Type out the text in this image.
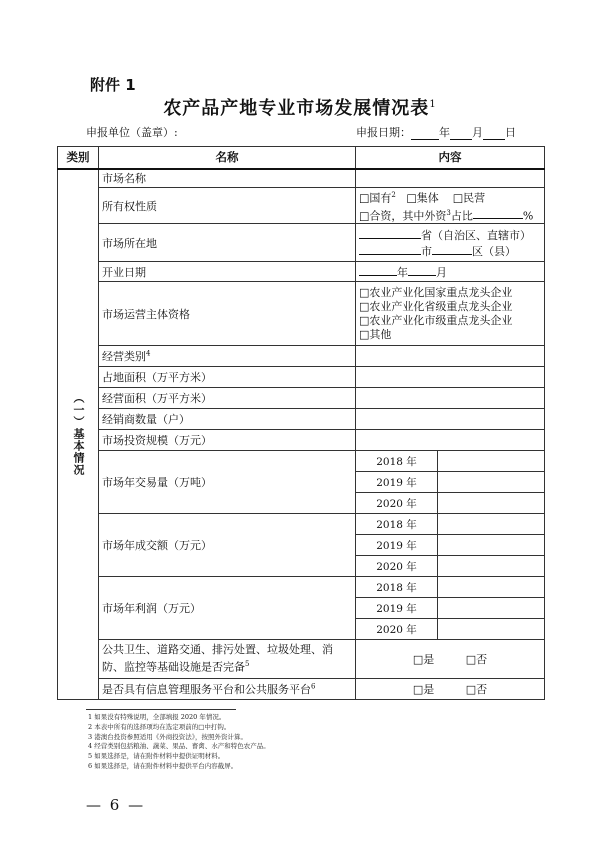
附件 1
农产品产地专业市场发展情况表$^1$
申报单位（盖章）:	申报日期：	年 月 日
类别	名称	内容	

（一）基本情况	市场名称		
	所有权性质	□国有$^2$ □集体 □民营
□合资，其中外资$^3$占比 %	

	市场所在地	省（自治区、直辖市）
市 区（县）	

	开业日期	年 月	
	市场运营主体资格	□农业产业化国家重点龙头企业
□农业产业化省级重点龙头企业
□农业产业化市级重点龙头企业
□其他	

	经营类别$^4$	
	占地面积（万平方米）		
	经营面积（万平方米）		
	经销商数量（户）		
	市场投资规模（万元）		
	市场年交易量（万吨）	2018 年	
		2019 年	
		2020 年	
	市场年成交额（万元）	2018 年	
		2019 年	
		2020 年	
	市场年利润（万元）	2018 年	
		2019 年	
		2020 年	
	公共卫生、道路交通、排污处置、垃圾处理、消防、监控等基础设施是否完备$^5$	□是 □否	
	是否具有信息管理服务平台和公共服务平台$^6$	□是 □否	
1 如果没有特殊说明，全部填报 2020 年情况。
2 本表中所有的选择项均在选定项前的□中打钩。
3 港澳台投资参照适用《外商投资法》，按照外资计算。
4 经营类别包括粮油、蔬菜、果品、畜禽、水产和特色农产品。
5 如果选择是，请在附件材料中提供证明材料。
6 如果选择是，请在附件材料中提供平台内容截屏。
— 6 —
